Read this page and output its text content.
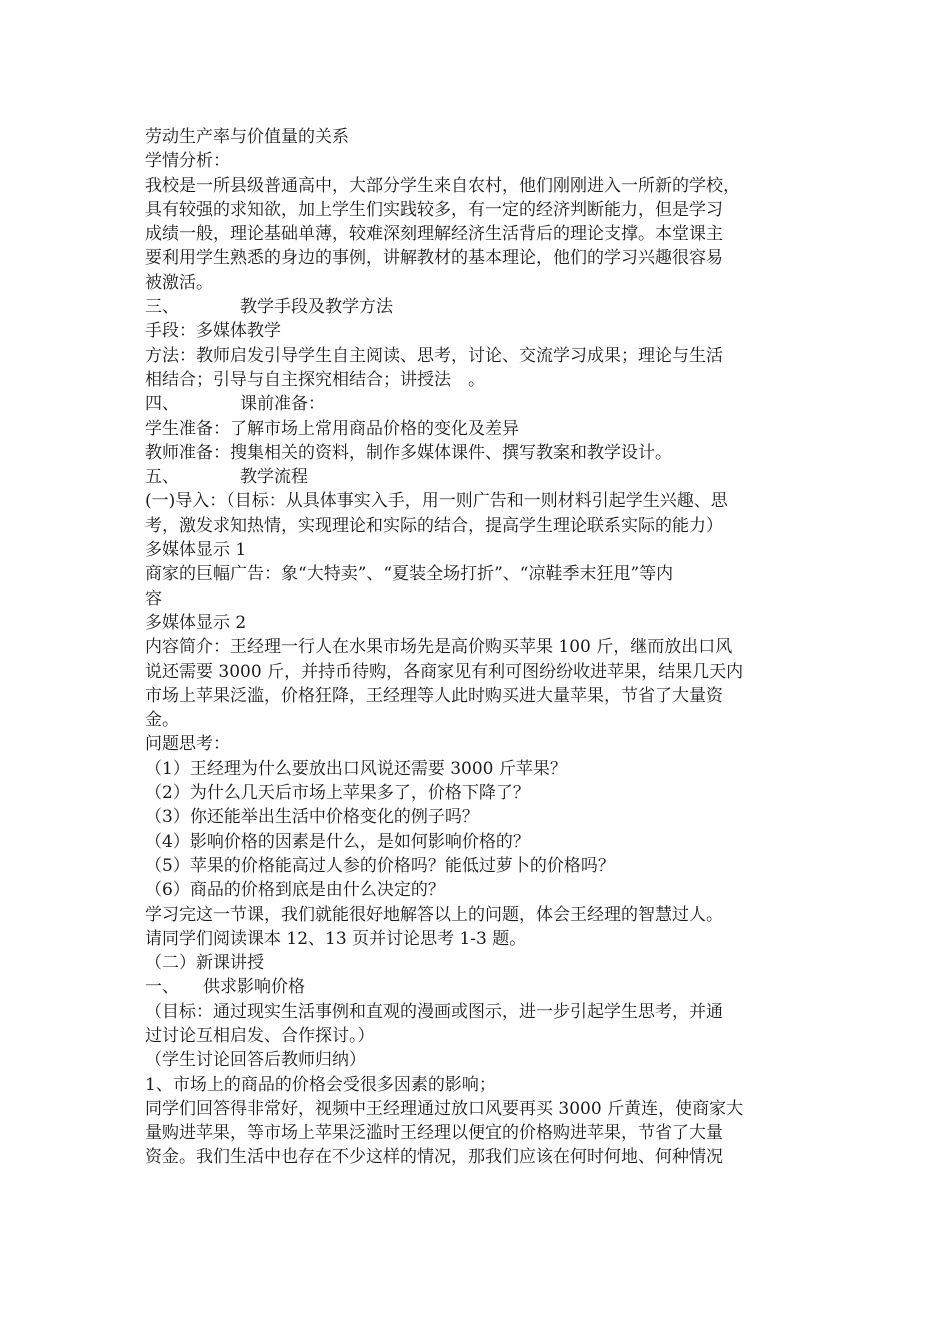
劳动生产率与价值量的关系
学情分析：
我校是一所县级普通高中，大部分学生来自农村，他们刚刚进入一所新的学校，
具有较强的求知欲，加上学生们实践较多，有一定的经济判断能力，但是学习
成绩一般，理论基础单薄，较难深刻理解经济生活背后的理论支撑。本堂课主
要利用学生熟悉的身边的事例，讲解教材的基本理论，他们的学习兴趣很容易
被激活。
三、	教学手段及教学方法
手段：多媒体教学
方法：教师启发引导学生自主阅读、思考，讨论、交流学习成果；理论与生活
相结合；引导与自主探究相结合；讲授法　。
四、	课前准备：
学生准备：了解市场上常用商品价格的变化及差异
教师准备：搜集相关的资料，制作多媒体课件、撰写教案和教学设计。
五、	教学流程
(一)导入：（目标：从具体事实入手，用一则广告和一则材料引起学生兴趣、思
考，激发求知热情，实现理论和实际的结合，提高学生理论联系实际的能力）
多媒体显示 1
商家的巨幅广告：象“大特卖”、“夏装全场打折”、“凉鞋季末狂甩”等内
容
多媒体显示 2
内容简介：王经理一行人在水果市场先是高价购买苹果 100 斤，继而放出口风
说还需要 3000 斤，并持币待购，各商家见有利可图纷纷收进苹果，结果几天内
市场上苹果泛滥，价格狂降，王经理等人此时购买进大量苹果，节省了大量资
金。
问题思考：
（1）王经理为什么要放出口风说还需要 3000 斤苹果？
（2）为什么几天后市场上苹果多了，价格下降了？
（3）你还能举出生活中价格变化的例子吗？
（4）影响价格的因素是什么，是如何影响价格的？
（5）苹果的价格能高过人参的价格吗？能低过萝卜的价格吗？
（6）商品的价格到底是由什么决定的？
学习完这一节课，我们就能很好地解答以上的问题，体会王经理的智慧过人。
请同学们阅读课本 12、13 页并讨论思考 1-3 题。
（二）新课讲授
一、 供求影响价格
（目标：通过现实生活事例和直观的漫画或图示，进一步引起学生思考，并通
过讨论互相启发、合作探讨。）
（学生讨论回答后教师归纳）
1、市场上的商品的价格会受很多因素的影响；
同学们回答得非常好，视频中王经理通过放口风要再买 3000 斤黄连，使商家大
量购进苹果，等市场上苹果泛滥时王经理以便宜的价格购进苹果，节省了大量
资金。我们生活中也存在不少这样的情况，那我们应该在何时何地、何种情况
